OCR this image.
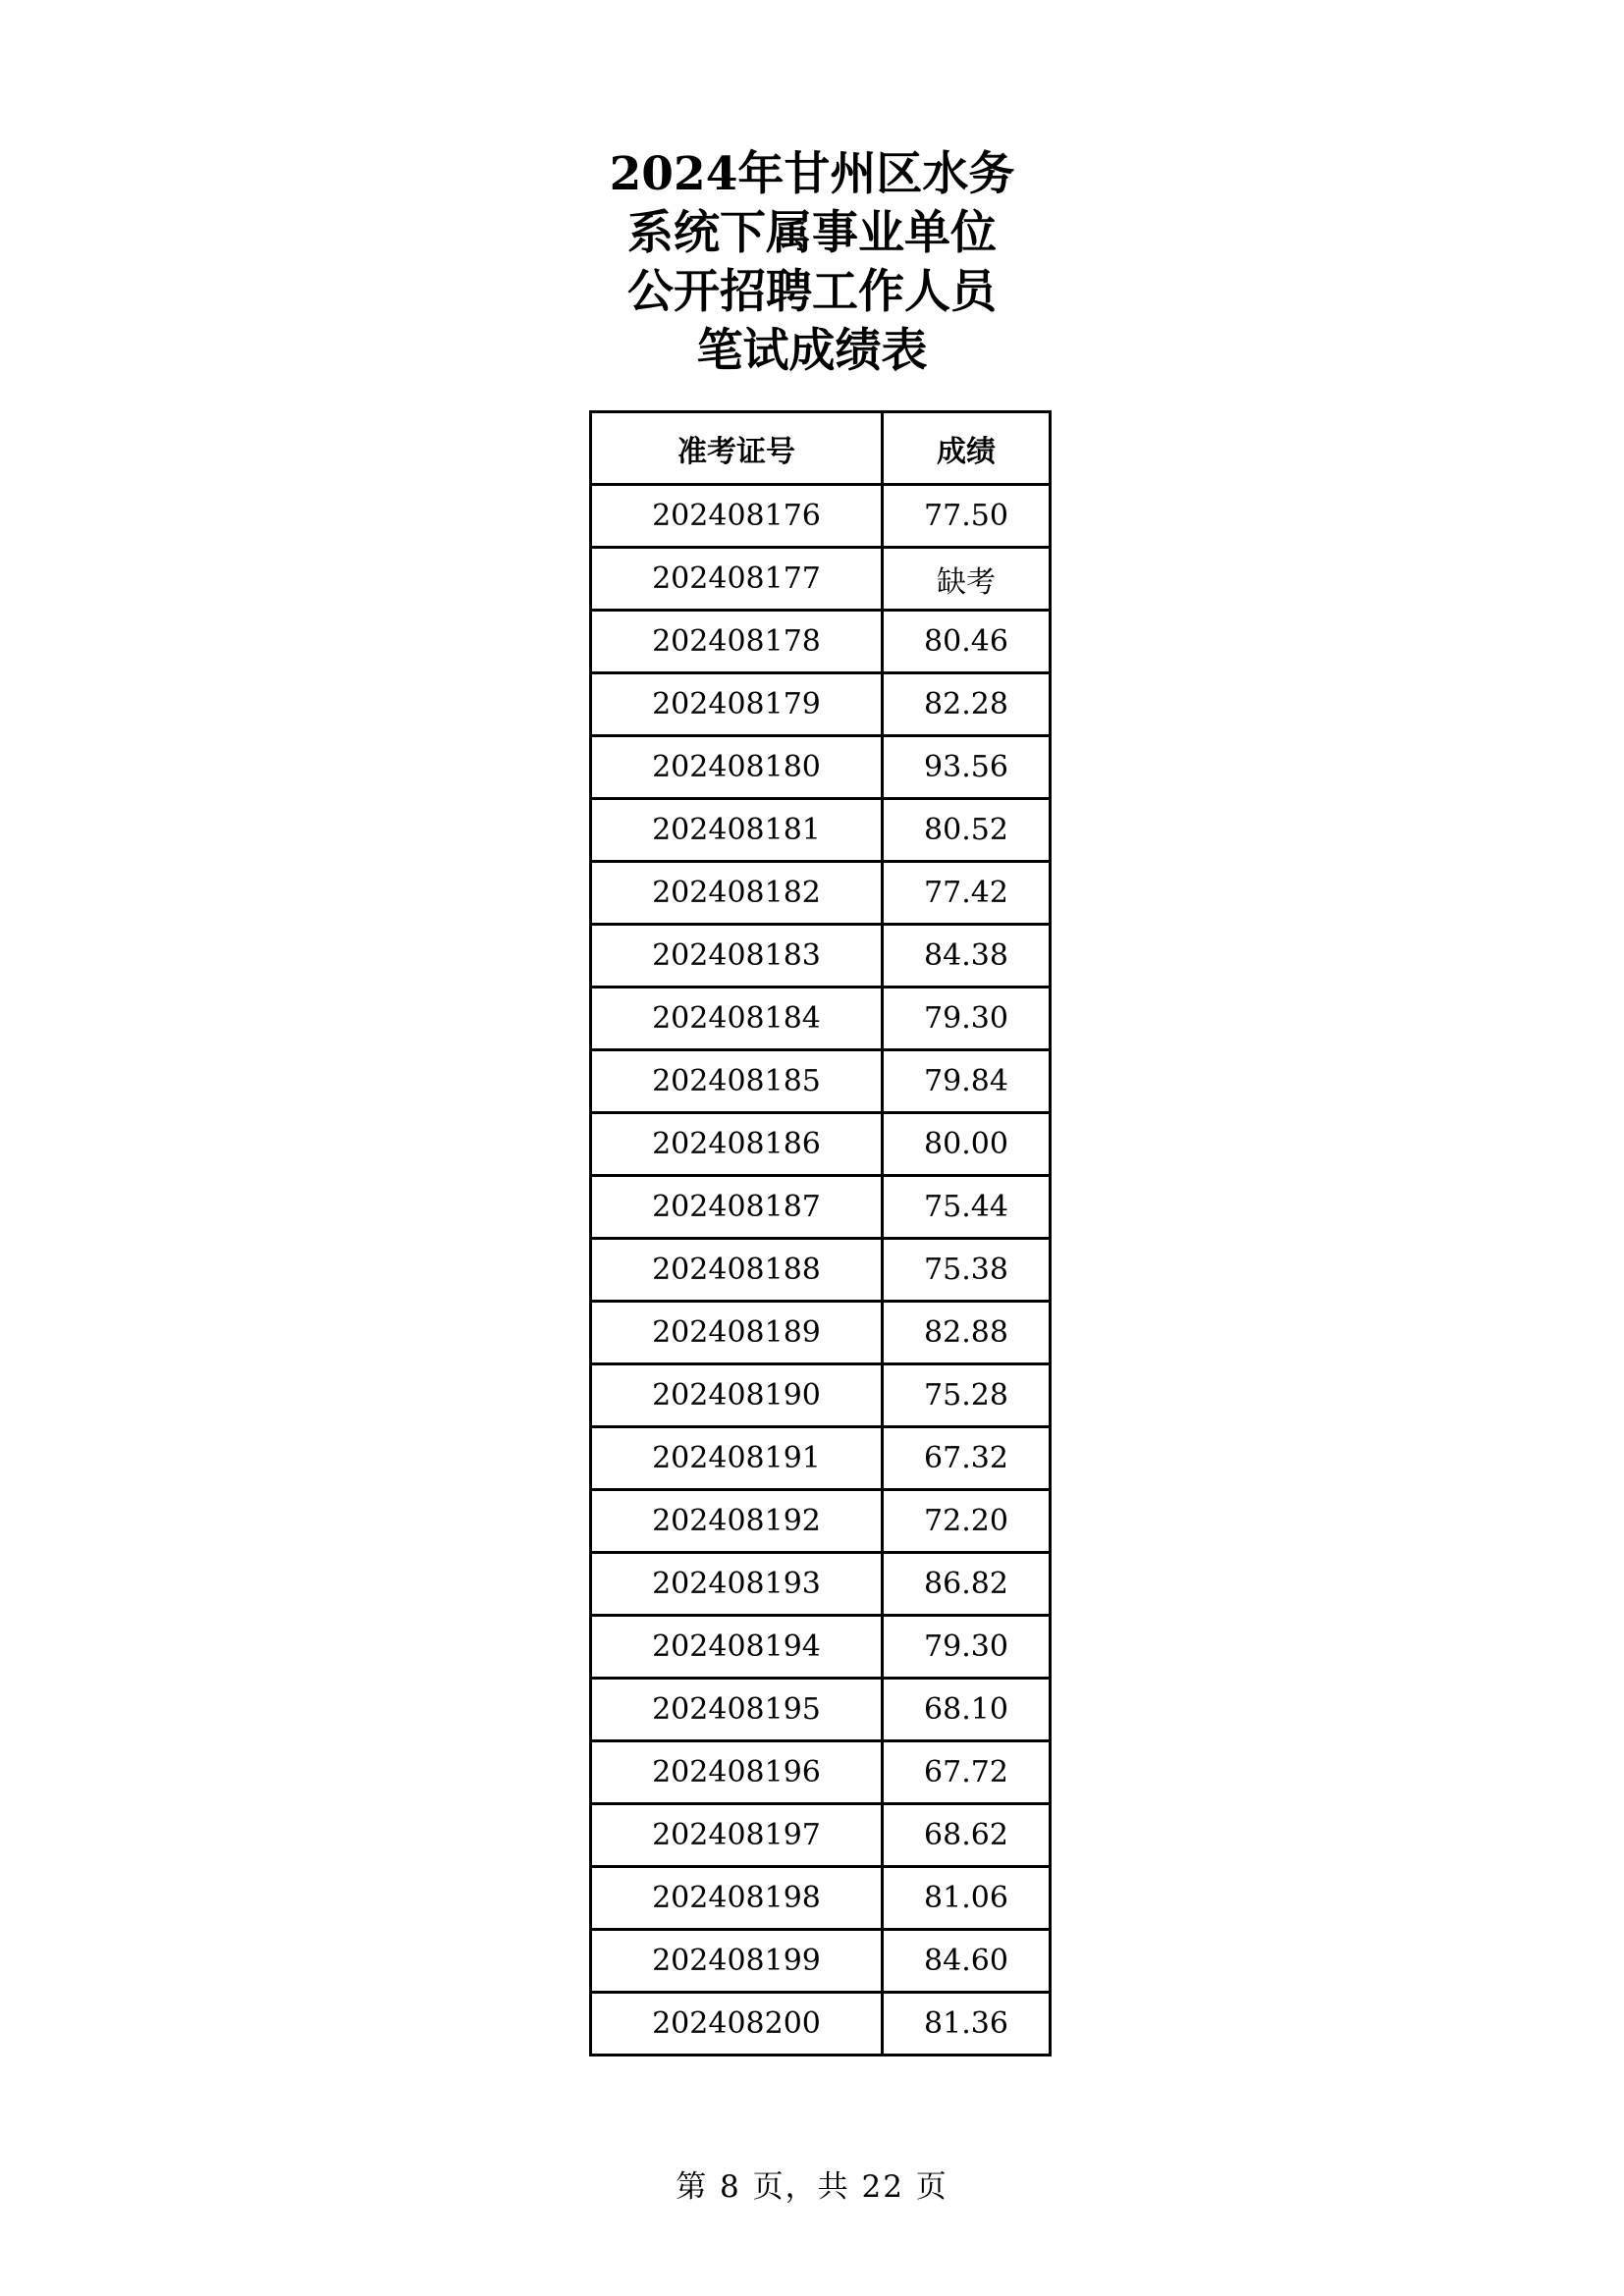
2024年甘州区水务
系统下属事业单位
公开招聘工作人员
笔试成绩表
准考证号	成绩
202408176	77.50
202408177	缺考
202408178	80.46
202408179	82.28
202408180	93.56
202408181	80.52
202408182	77.42
202408183	84.38
202408184	79.30
202408185	79.84
202408186	80.00
202408187	75.44
202408188	75.38
202408189	82.88
202408190	75.28
202408191	67.32
202408192	72.20
202408193	86.82
202408194	79.30
202408195	68.10
202408196	67.72
202408197	68.62
202408198	81.06
202408199	84.60
202408200	81.36
第 8 页，共 22 页
